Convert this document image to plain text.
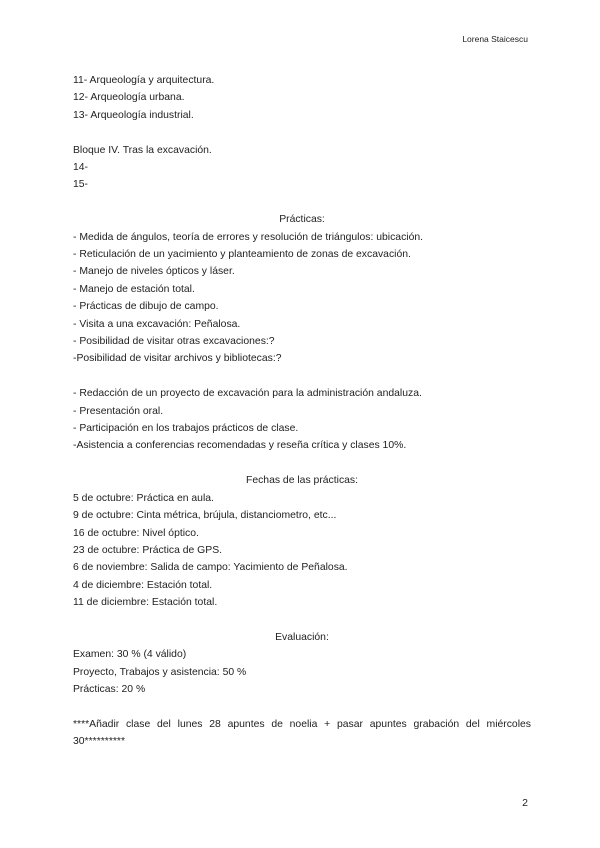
Lorena Staicescu
11- Arqueología y arquitectura.
12- Arqueología urbana.
13- Arqueología industrial.
Bloque IV. Tras la excavación.
14-
15-
Prácticas:
- Medida de ángulos, teoría de errores y resolución de triángulos: ubicación.
- Reticulación de un yacimiento y planteamiento de zonas de excavación.
- Manejo de niveles ópticos y láser.
- Manejo de estación total.
- Prácticas de dibujo de campo.
- Visita a una excavación: Peñalosa.
- Posibilidad de visitar otras excavaciones:?
-Posibilidad de visitar archivos y bibliotecas:?
- Redacción de un proyecto de excavación para la administración andaluza.
- Presentación oral.
- Participación en los trabajos prácticos de clase.
-Asistencia a conferencias recomendadas y reseña crítica y clases 10%.
Fechas de las prácticas:
5 de octubre: Práctica en aula.
9 de octubre: Cinta métrica, brújula, distanciometro, etc...
16 de octubre: Nivel óptico.
23 de octubre: Práctica de GPS.
6 de noviembre: Salida de campo: Yacimiento de Peñalosa.
4 de diciembre: Estación total.
11 de diciembre: Estación total.
Evaluación:
Examen: 30 % (4 válido)
Proyecto, Trabajos y asistencia: 50 %
Prácticas: 20 %
****Añadir clase del lunes 28 apuntes de noelia + pasar apuntes grabación del miércoles 30**********
2
